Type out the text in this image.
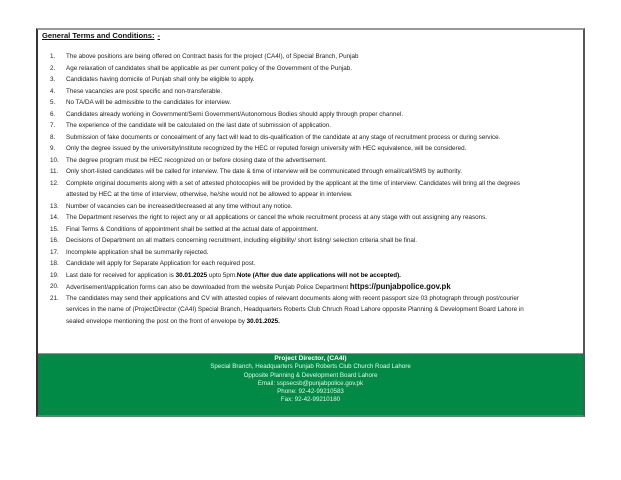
General Terms and Conditions: -
1.	The above positions are being offered on Contract basis for the project (CA4I), of Special Branch, Punjab
2.	Age relaxation of candidates shall be applicable as per current policy of the Government of the Punjab.
3.	Candidates having domicile of Punjab shall only be eligible to apply.
4.	These vacancies are post specific and non-transferable.
5.	No TA/DA will be admissible to the candidates for interview.
6.	Candidates already working in Government/Semi Government/Autonomous Bodies should apply through proper channel.
7.	The experience of the candidate will be calculated on the last date of submission of application.
8.	Submission of fake documents or concealment of any fact will lead to dis-qualification of the candidate at any stage of recruitment process or during service.
9.	Only the degree issued by the university/institute recognized by the HEC or reputed foreign university with HEC equivalence, will be considered.
10.	The degree program must be HEC recognized on or before closing date of the advertisement.
11.	Only short-listed candidates will be called for interview. The date & time of interview will be communicated through email/call/SMS by authority.
12.	Complete original documents along with a set of attested photocopies will be provided by the applicant at the time of interview. Candidates will bring all the degrees
attested by HEC at the time of interview, otherwise, he/she would not be allowed to appear in interview.
13.	Number of vacancies can be increased/decreased at any time without any notice.
14.	The Department reserves the right to reject any or all applications or cancel the whole recruitment process at any stage with out assigning any reasons.
15.	Final Terms & Conditions of appointment shall be settled at the actual date of appointment.
16.	Decisions of Department on all matters concerning recruitment, including eligibility/ short listing/ selection criteria shall be final.
17.	Incomplete application shall be summarily rejected.
18.	Candidate will apply for Separate Application for each required post.
19.	Last date for received for application is 30.01.2025 upto 5pm.Note (After due date applications will not be accepted).
20.	Advertisement/application forms can also be downloaded from the website Punjab Police Department https://punjabpolice.gov.pk
21.	The candidates may send their applications and CV with attested copies of relevant documents along with recent passport size 03 photograph through post/courier
services in the name of (ProjectDirector (CA4I) Special Branch, Headquarters Roberts Club Chruch Road Lahore opposite Planning & Development Board Lahore in
sealed envelope mentioning the post on the front of envelope by 30.01.2025.
Project Director, (CA4I)
Special Branch, Headquarters Punjab Roberts Club Church Road Lahore
Opposite Planning & Development Board Lahore
Email: sspsecsb@punjabpolice.gov.pk
Phone: 92-42-99210583
Fax: 92-42-99210180
